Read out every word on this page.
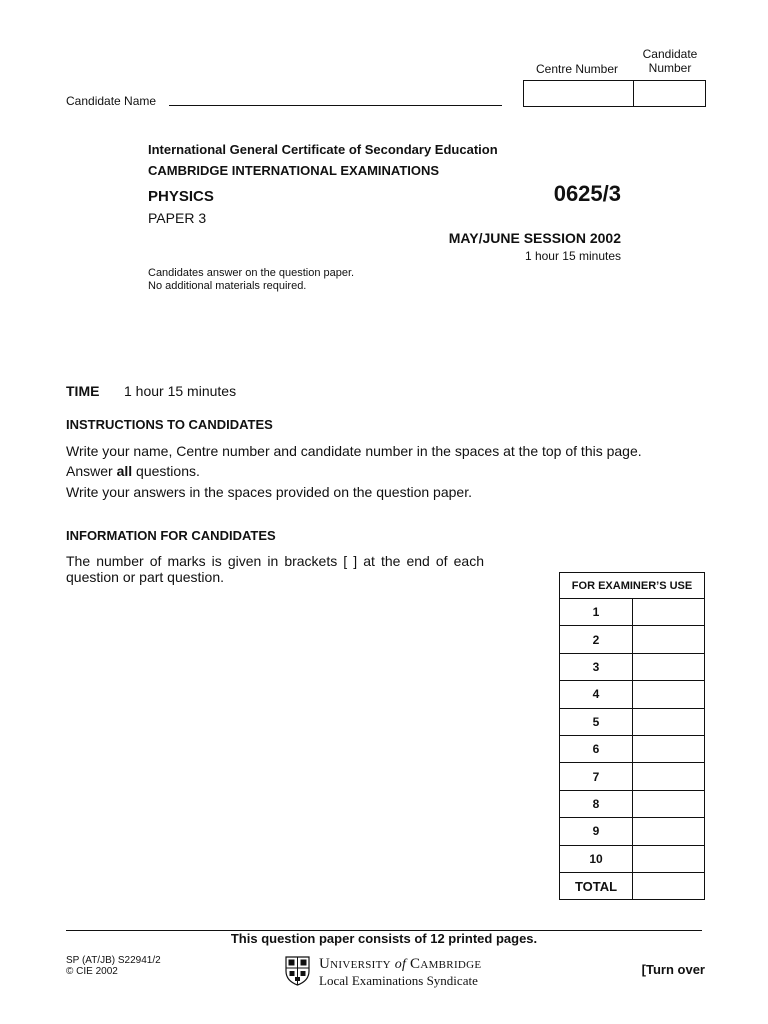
Centre Number
Candidate
Number
Candidate Name
International General Certificate of Secondary Education
CAMBRIDGE INTERNATIONAL EXAMINATIONS
PHYSICS	0625/3
PAPER 3
MAY/JUNE SESSION 2002
1 hour 15 minutes
Candidates answer on the question paper.
No additional materials required.
TIME 1 hour 15 minutes
INSTRUCTIONS TO CANDIDATES
Write your name, Centre number and candidate number in the spaces at the top of this page.
Answer all questions.
Write your answers in the spaces provided on the question paper.
INFORMATION FOR CANDIDATES
The number of marks is given in brackets [ ] at the end of each
question or part question.
FOR EXAMINER’S USE	
1	
2	
3	
4	
5	
6	
7	
8	
9	
10	
TOTAL	
This question paper consists of 12 printed pages.
SP (AT/JB) S22941/2
© CIE 2002	UNIVERSITY of CAMBRIDGE
Local Examinations Syndicate
[Turn over
